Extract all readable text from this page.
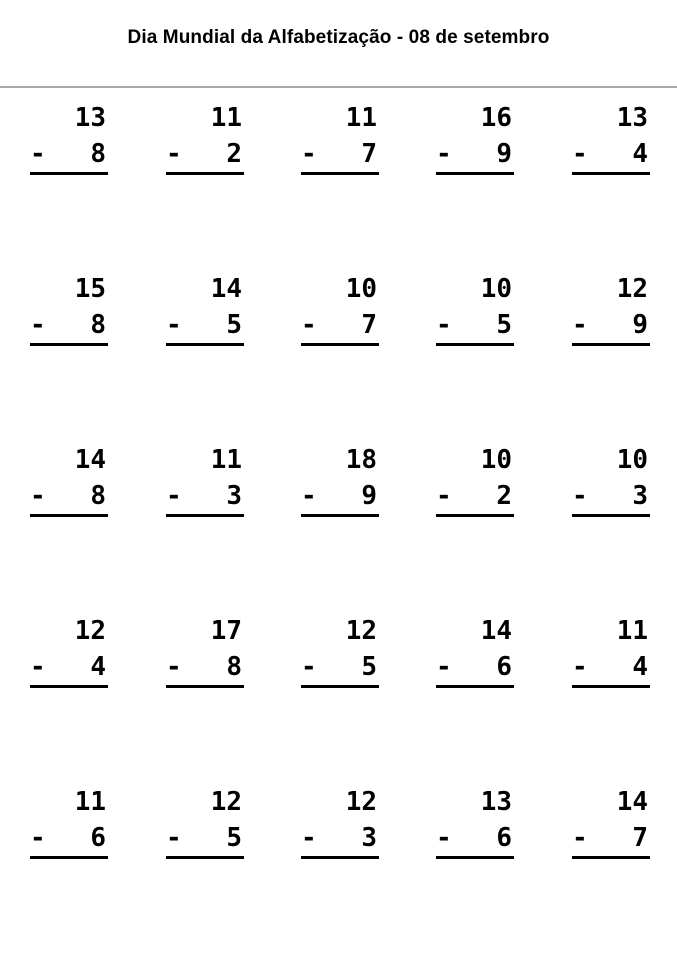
Dia Mundial da Alfabetização - 08 de setembro
13
-	8
11
-	2
11
-	7
16
-	9
13
-	4
15
-	8
14
-	5
10
-	7
10
-	5
12
-	9
14
-	8
11
-	3
18
-	9
10
-	2
10
-	3
12
-	4
17
-	8
12
-	5
14
-	6
11
-	4
11
-	6
12
-	5
12
-	3
13
-	6
14
-	7
